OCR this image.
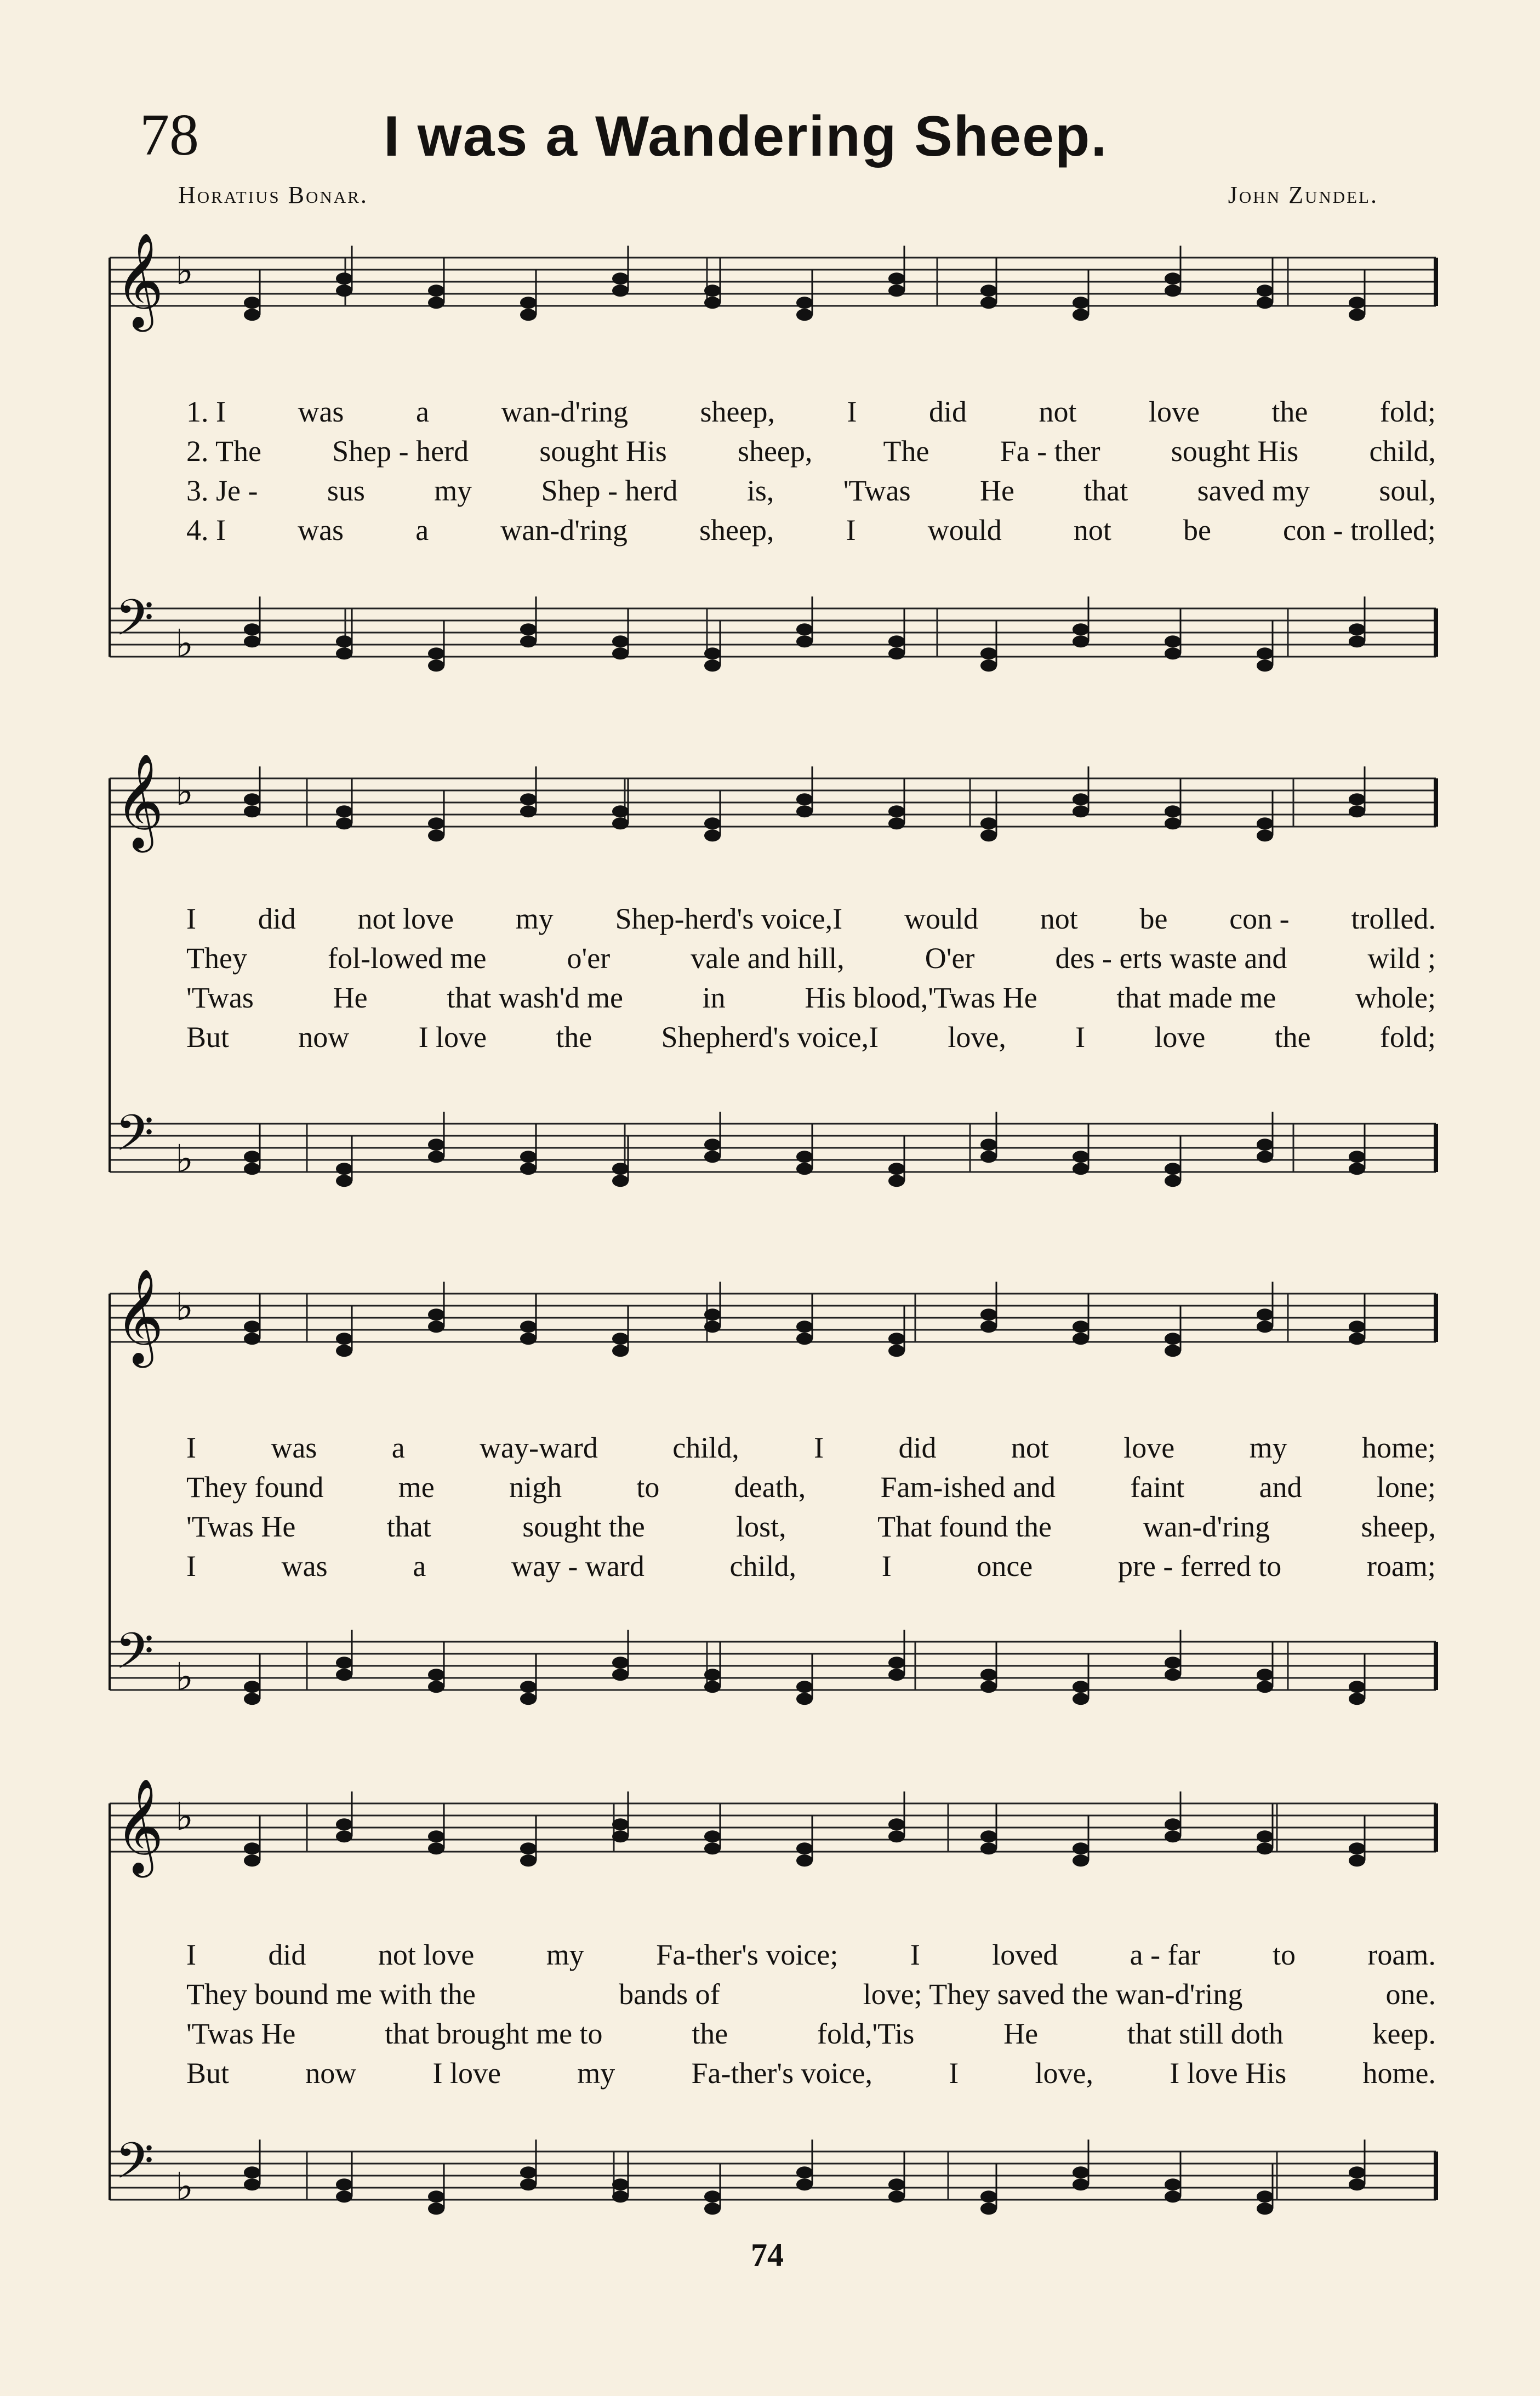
78	I was a Wandering Sheep.
Horatius Bonar.	John Zundel.
𝄞 ♭
𝄢 ♭
𝄞 ♭
𝄢 ♭
𝄞 ♭
𝄢 ♭
𝄞 ♭
𝄢 ♭
1. I was a wan-d'ring sheep, I did not love the fold;
2. The Shep - herd sought His sheep, The Fa - ther sought His child,
3. Je - sus my Shep - herd is, 'Twas He that saved my soul,
4. I was a wan-d'ring sheep, I would not be con - trolled;
I did not love my Shep-herd's voice,I would not be con - trolled.
They	fol-lowed me	o'er	vale and hill,	O'er	des - erts waste and	wild ;
'Twas	He	that wash'd me	in	His blood,'Twas He	that made me	whole;
But now I love the Shepherd's voice,I love, I love the fold;
I	was	a	way-ward	child,	I	did	not	love	my	home;
They found	me	nigh	to	death,	Fam-ished and	faint	and	lone;
'Twas He	that	sought the	lost,	That found the	wan-d'ring	sheep,
I	was	a	way - ward	child,	I	once	pre - ferred to	roam;
I did not love my Fa-ther's voice; I loved a - far to roam.
They bound me with the	bands of	love; They saved the wan-d'ring	one.
'Twas He	that brought me to	the	fold,'Tis	He	that still doth	keep.
But	now	I love	my	Fa-ther's voice,	I	love,	I love His	home.
74
